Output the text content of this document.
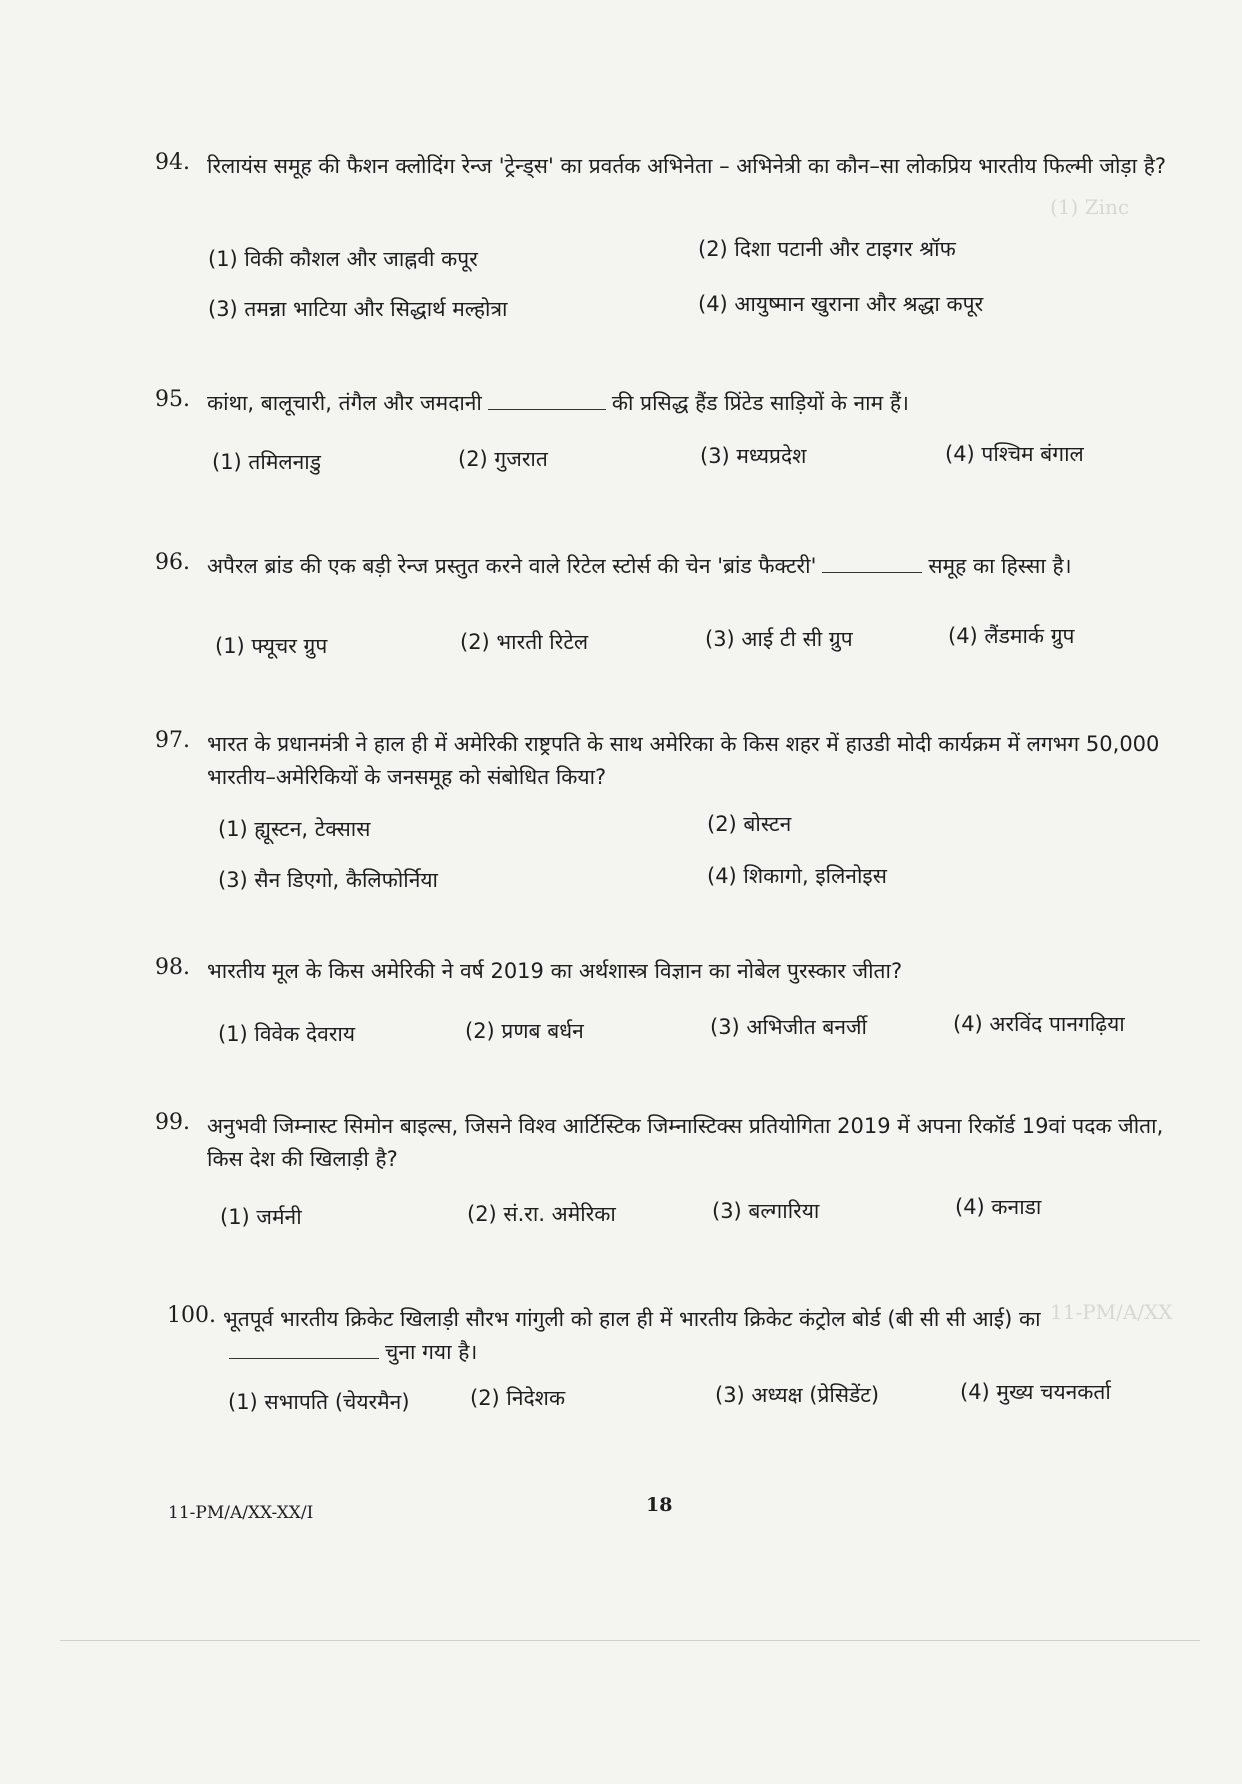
(1) Zinc
11-PM/A/XX
94. रिलायंस समूह की फैशन क्लोदिंग रेन्ज 'ट्रेन्ड्स' का प्रवर्तक अभिनेता – अभिनेत्री का कौन–सा लोकप्रिय भारतीय फिल्मी जोड़ा है?
(1) विकी कौशल और जाह्नवी कपूर	(2) दिशा पटानी और टाइगर श्रॉफ
(3) तमन्ना भाटिया और सिद्धार्थ मल्होत्रा	(4) आयुष्मान खुराना और श्रद्धा कपूर
95. कांथा, बालूचारी, तंगैल और जमदानी	की प्रसिद्ध हैंड प्रिंटेड साड़ियों के नाम हैं।
(1) तमिलनाडु	(2) गुजरात	(3) मध्यप्रदेश	(4) पश्चिम बंगाल
96. अपैरल ब्रांड की एक बड़ी रेन्ज प्रस्तुत करने वाले रिटेल स्टोर्स की चेन 'ब्रांड फैक्टरी'	समूह का हिस्सा है।
(1) फ्यूचर ग्रुप	(2) भारती रिटेल	(3) आई टी सी ग्रुप	(4) लैंडमार्क ग्रुप
97. भारत के प्रधानमंत्री ने हाल ही में अमेरिकी राष्ट्रपति के साथ अमेरिका के किस शहर में हाउडी मोदी कार्यक्रम में लगभग 50,000 भारतीय–अमेरिकियों के जनसमूह को संबोधित किया?
(1) ह्यूस्टन, टेक्सास	(2) बोस्टन
(3) सैन डिएगो, कैलिफोर्निया	(4) शिकागो, इलिनोइस
98. भारतीय मूल के किस अमेरिकी ने वर्ष 2019 का अर्थशास्त्र विज्ञान का नोबेल पुरस्कार जीता?
(1) विवेक देवराय	(2) प्रणब बर्धन	(3) अभिजीत बनर्जी	(4) अरविंद पानगढ़िया
99. अनुभवी जिम्नास्ट सिमोन बाइल्स, जिसने विश्व आर्टिस्टिक जिम्नास्टिक्स प्रतियोगिता 2019 में अपना रिकॉर्ड 19वां पदक जीता, किस देश की खिलाड़ी है?
(1) जर्मनी	(2) सं.रा. अमेरिका	(3) बल्गारिया	(4) कनाडा
100. भूतपूर्व भारतीय क्रिकेट खिलाड़ी सौरभ गांगुली को हाल ही में भारतीय क्रिकेट कंट्रोल बोर्ड (बी सी सी आई) काचुना गया है।
(1) सभापति (चेयरमैन)	(2) निदेशक	(3) अध्यक्ष (प्रेसिडेंट)	(4) मुख्य चयनकर्ता
11-PM/A/XX-XX/I	18
